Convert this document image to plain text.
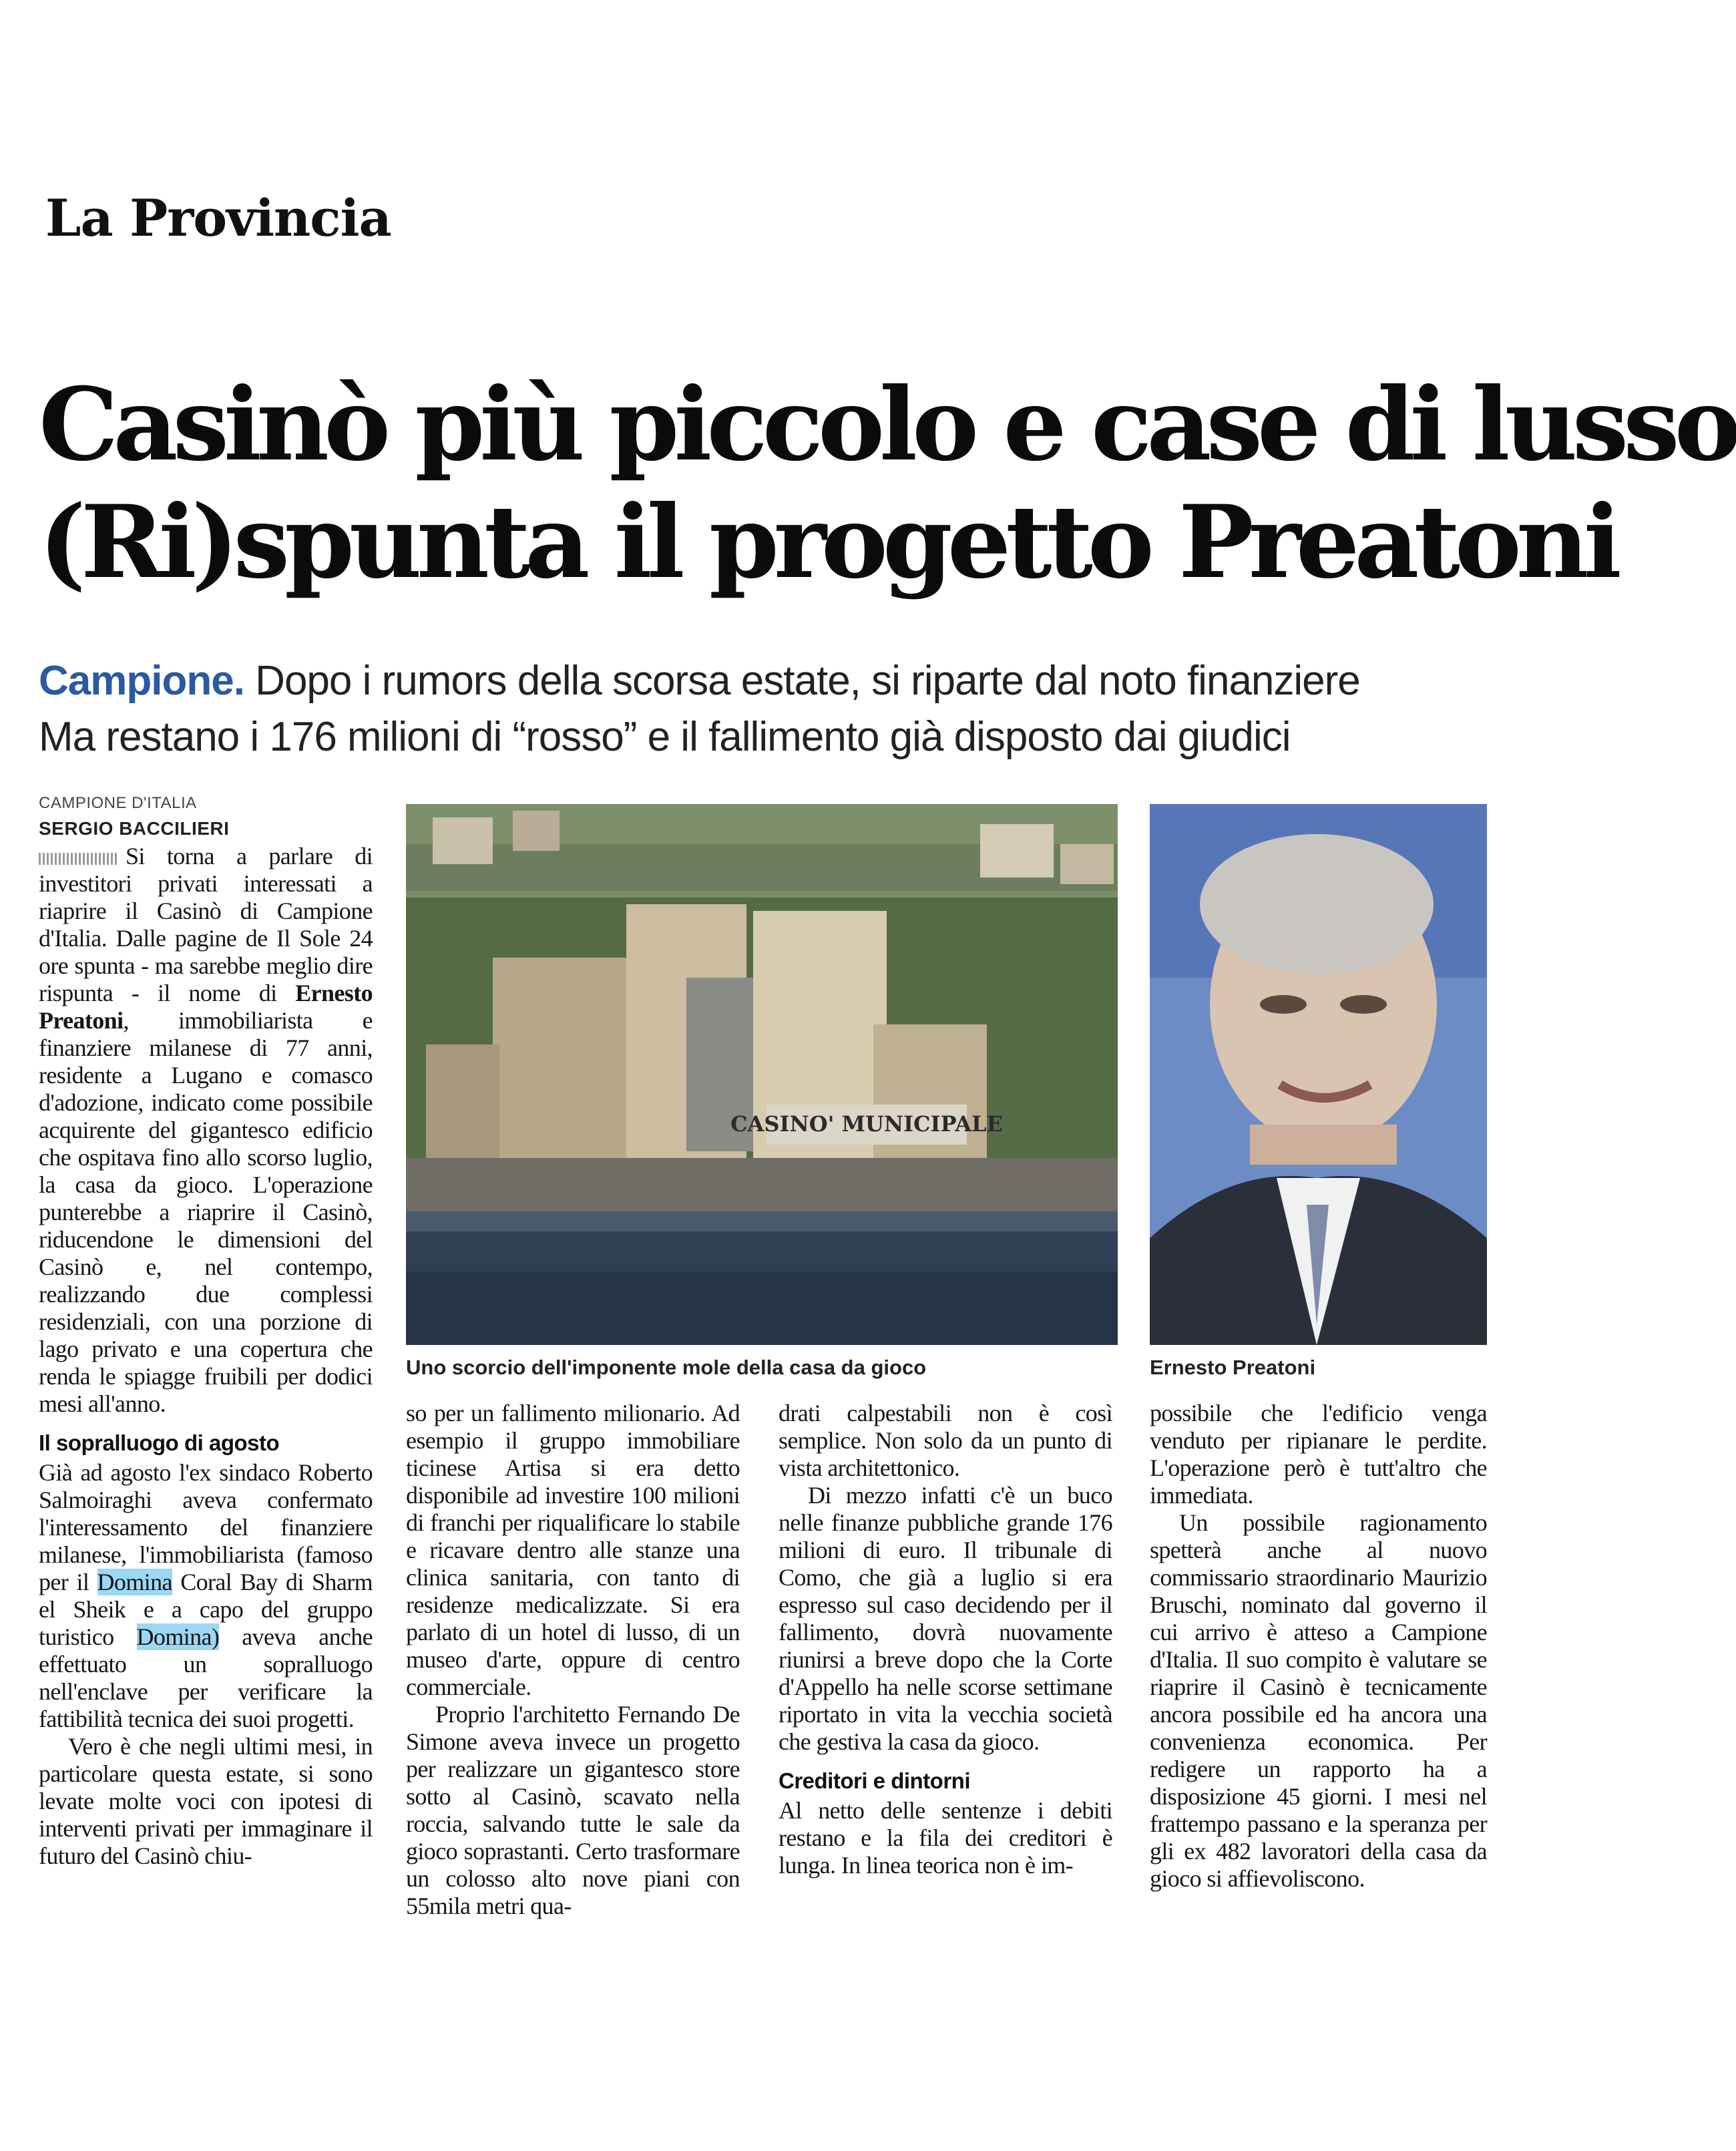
La Provincia
Casinò più piccolo e case di lusso
(Ri)spunta il progetto Preatoni
Campione. Dopo i rumors della scorsa estate, si riparte dal noto finanziere
Ma restano i 176 milioni di “rosso” e il fallimento già disposto dai giudici
CAMPIONE D'ITALIA
SERGIO BACCILIERI

Si torna a parlare di investitori privati interessati a riaprire il Casinò di Campione d'Italia. Dalle pagine de Il Sole 24 ore spunta - ma sarebbe meglio dire rispunta - il nome di Ernesto Preatoni, immobiliarista e finanziere milanese di 77 anni, residente a Lugano e comasco d'adozione, indicato come possibile acquirente del gigantesco edificio che ospitava fino allo scorso luglio, la casa da gioco. L'operazione punterebbe a riaprire il Casinò, riducendone le dimensioni del Casinò e, nel contempo, realizzando due complessi residenziali, con una porzione di lago privato e una copertura che renda le spiagge fruibili per dodici mesi all'anno.

Il sopralluogo di agosto

Già ad agosto l'ex sindaco Roberto Salmoiraghi aveva confermato l'interessamento del finanziere milanese, l'immobiliarista (famoso per il Domina Coral Bay di Sharm el Sheik e a capo del gruppo turistico Domina) aveva anche effettuato un sopralluogo nell'enclave per verificare la fattibilità tecnica dei suoi progetti.

Vero è che negli ultimi mesi, in particolare questa estate, si sono levate molte voci con ipotesi di interventi privati per immaginare il futuro del Casinò chiu-

CASINO' MUNICIPALE
Uno scorcio dell'imponente mole della casa da gioco	Ernesto Preatoni

so per un fallimento milionario. Ad esempio il gruppo immobiliare ticinese Artisa si era detto disponibile ad investire 100 milioni di franchi per riqualificare lo stabile e ricavare dentro alle stanze una clinica sanitaria, con tanto di residenze medicalizzate. Si era parlato di un hotel di lusso, di un museo d'arte, oppure di centro commerciale.

Proprio l'architetto Fernando De Simone aveva invece un progetto per realizzare un gigantesco store sotto al Casinò, scavato nella roccia, salvando tutte le sale da gioco soprastanti. Certo trasformare un colosso alto nove piani con 55mila metri qua-

drati calpestabili non è così semplice. Non solo da un punto di vista architettonico.

Di mezzo infatti c'è un buco nelle finanze pubbliche grande 176 milioni di euro. Il tribunale di Como, che già a luglio si era espresso sul caso decidendo per il fallimento, dovrà nuovamente riunirsi a breve dopo che la Corte d'Appello ha nelle scorse settimane riportato in vita la vecchia società che gestiva la casa da gioco.

Creditori e dintorni

Al netto delle sentenze i debiti restano e la fila dei creditori è lunga. In linea teorica non è im-

possibile che l'edificio venga venduto per ripianare le perdite. L'operazione però è tutt'altro che immediata.

Un possibile ragionamento spetterà anche al nuovo commissario straordinario Maurizio Bruschi, nominato dal governo il cui arrivo è atteso a Campione d'Italia. Il suo compito è valutare se riaprire il Casinò è tecnicamente ancora possibile ed ha ancora una convenienza economica. Per redigere un rapporto ha a disposizione 45 giorni. I mesi nel frattempo passano e la speranza per gli ex 482 lavoratori della casa da gioco si affievoliscono.
